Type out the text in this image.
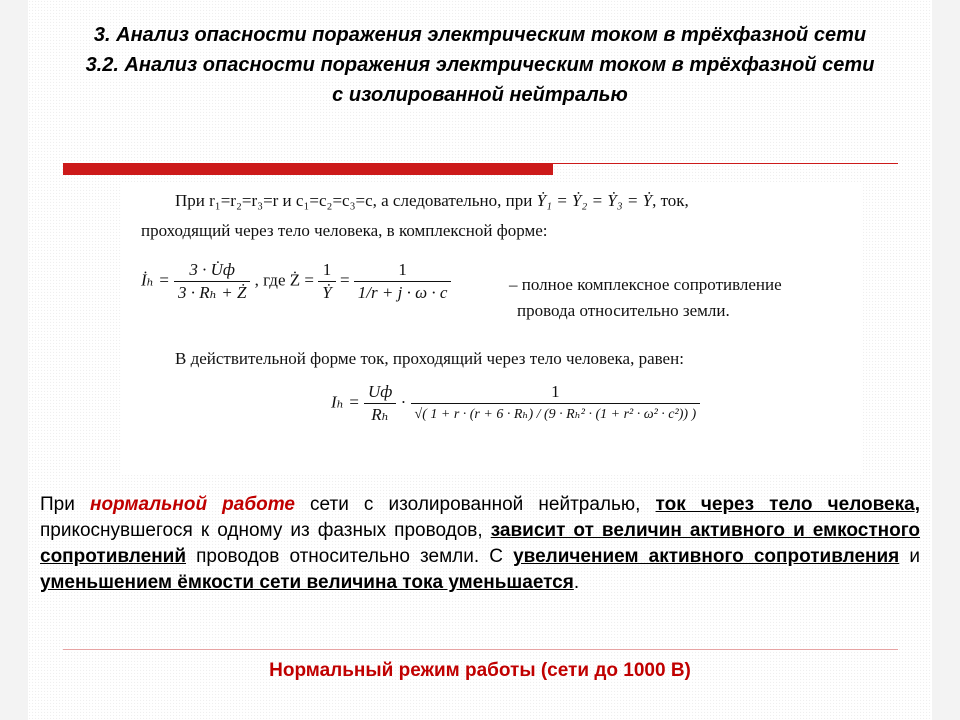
3. Анализ опасности поражения электрическим током в трёхфазной сети
3.2. Анализ опасности поражения электрическим током в трёхфазной сети
с изолированной нейтралью
При r₁=r₂=r₃=r и c₁=c₂=c₃=c, а следовательно, при Ẏ₁ = Ẏ₂ = Ẏ₃ = Ẏ, ток,
проходящий через тело человека, в комплексной форме:
İₕ = $\frac{3 \cdot U̇ф}{\text{3 · Rₕ + Ż}}$ , где Ż = $\frac{1}{\text{Ẏ}} = \frac{1}{1/r + j \cdot \omega \cdot c}$	– полное комплексное сопротивление
провода относительно земли.
В действительной форме ток, проходящий через тело человека, равен:
$I_h = \frac{Uф}{\text{Rₕ}} \cdot \frac{1}{\text{√( 1 + r · (r + 6 · Rₕ) / (9 · Rₕ² · (1 + r² · ω² · c²)) )}}$
При нормальной работе сети с изолированной нейтралью, ток через тело человека, прикоснувшегося к одному из фазных проводов, зависит от величин активного и емкостного сопротивлений проводов относительно земли. С увеличением активного сопротивления и уменьшением ёмкости сети величина тока уменьшается.
Нормальный режим работы (сети до 1000 В)
